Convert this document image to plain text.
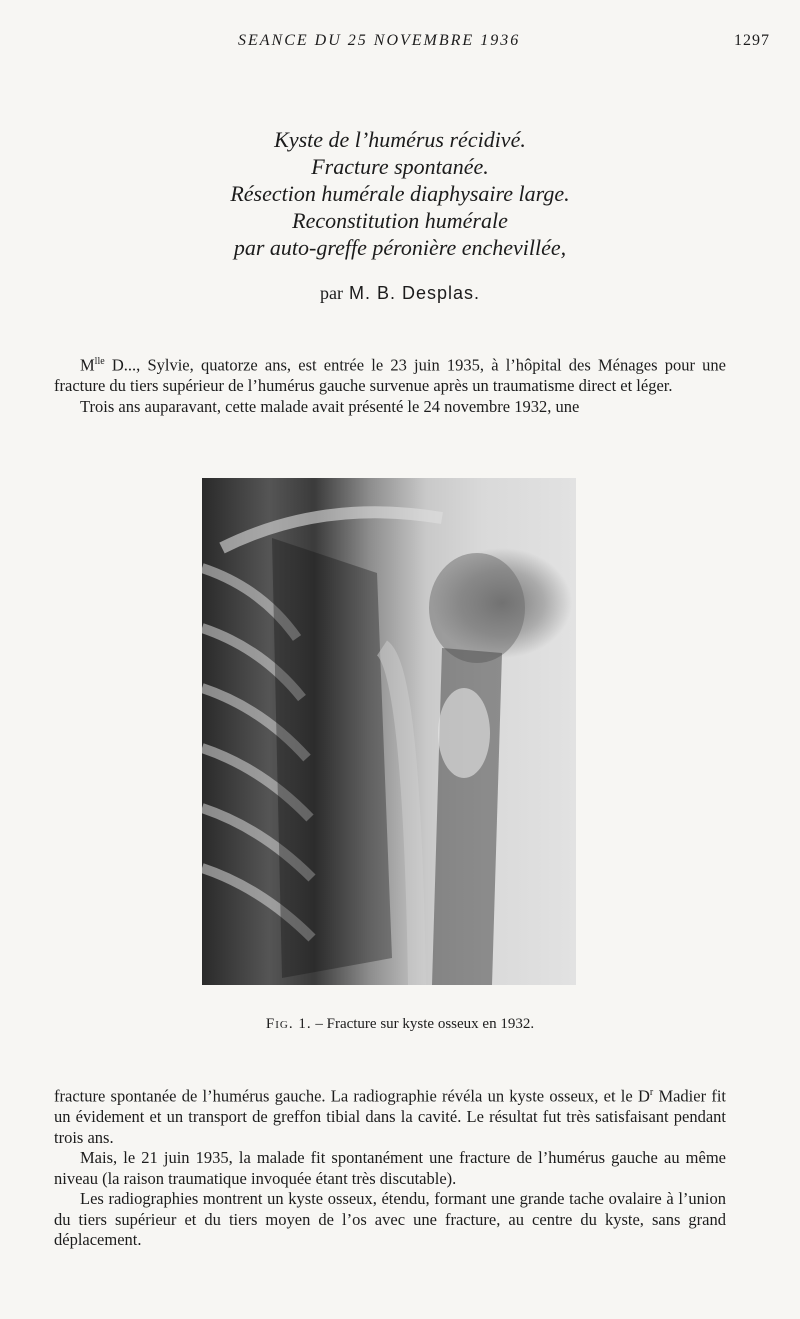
SEANCE DU 25 NOVEMBRE 1936	1297
Kyste de l’humérus récidivé.
Fracture spontanée.
Résection humérale diaphysaire large.
Reconstitution humérale
par auto-greffe péronière enchevillée,
par M. B. Desplas.

$M^{lle}$ D..., Sylvie, quatorze ans, est entrée le 23 juin 1935, à l’hôpital des Ménages pour une fracture du tiers supérieur de l’humérus gauche survenue après un traumatisme direct et léger.

Trois ans auparavant, cette malade avait présenté le 24 novembre 1932, une

Fig. 1. – Fracture sur kyste osseux en 1932.

fracture spontanée de l’humérus gauche. La radiographie révéla un kyste osseux, et le $D^r$ Madier fit un évidement et un transport de greffon tibial dans la cavité. Le résultat fut très satisfaisant pendant trois ans.

Mais, le 21 juin 1935, la malade fit spontanément une fracture de l’humérus gauche au même niveau (la raison traumatique invoquée étant très discutable).

Les radiographies montrent un kyste osseux, étendu, formant une grande tache ovalaire à l’union du tiers supérieur et du tiers moyen de l’os avec une fracture, au centre du kyste, sans grand déplacement.
